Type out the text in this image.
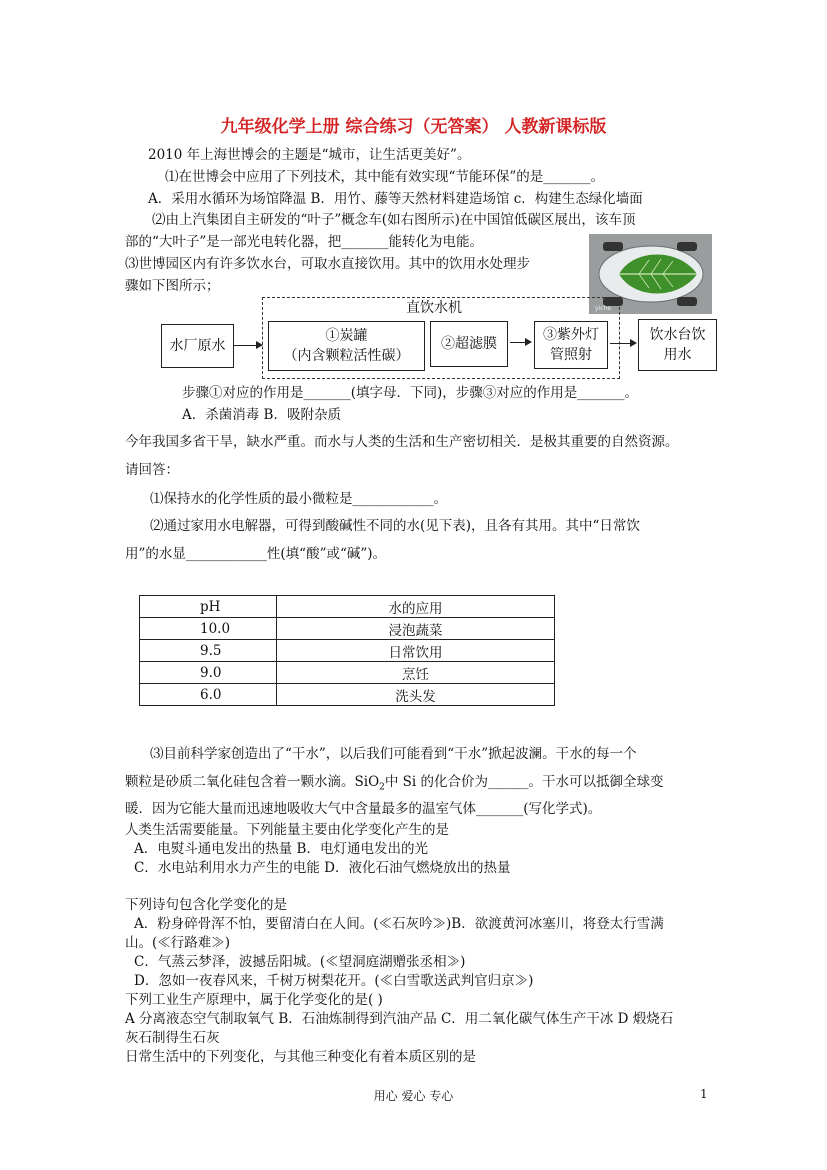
九年级化学上册 综合练习（无答案） 人教新课标版
2010 年上海世博会的主题是“城市，让生活更美好”。
⑴在世博会中应用了下列技术，其中能有效实现“节能环保”的是_______。
A．采用水循环为场馆降温 B．用竹、藤等天然材料建造场馆 c．构建生态绿化墙面
⑵由上汽集团自主研发的“叶子”概念车(如右图所示)在中国馆低碳区展出，该车顶
部的“大叶子”是一部光电转化器，把_______能转化为电能。
⑶世博园区内有许多饮水台，可取水直接饮用。其中的饮用水处理步
骤如下图所示；
yiche
直饮水机
水厂原水
①炭罐
（内含颗粒活性碳）
②超滤膜
③紫外灯
管照射
饮水台饮
用水
步骤①对应的作用是_______(填字母．下同)，步骤③对应的作用是_______。
A．杀菌消毒 B．吸附杂质
今年我国多省干旱，缺水严重。而水与人类的生活和生产密切相关．是极其重要的自然资源。
请回答：
⑴保持水的化学性质的最小微粒是____________。
⑵通过家用水电解器，可得到酸碱性不同的水(见下表)，且各有其用。其中“日常饮
用”的水显____________性(填“酸”或“碱”)。
pH	水的应用
10.0	浸泡蔬菜
9.5	日常饮用
9.0	烹饪
6.0	洗头发
⑶目前科学家创造出了“干水”，以后我们可能看到“干水”掀起波澜。干水的每一个
颗粒是砂质二氧化硅包含着一颗水滴。SiO$_2$中 Si 的化合价为______。干水可以抵御全球变
暖．因为它能大量而迅速地吸收大气中含量最多的温室气体_______(写化学式)。
人类生活需要能量。下列能量主要由化学变化产生的是
A．电熨斗通电发出的热量 B．电灯通电发出的光
C．水电站利用水力产生的电能 D．液化石油气燃烧放出的热量
下列诗句包含化学变化的是
A．粉身碎骨浑不怕，要留清白在人间。(≪石灰吟≫)B．欲渡黄河冰塞川，将登太行雪满
山。(≪行路难≫)
C．气蒸云梦泽，波撼岳阳城。(≪望洞庭湖赠张丞相≫)
D．忽如一夜春风来，千树万树梨花开。(≪白雪歌送武判官归京≫)
下列工业生产原理中，属于化学变化的是( )
A 分离液态空气制取氧气 B．石油炼制得到汽油产品 C．用二氧化碳气体生产干冰 D 煅烧石
灰石制得生石灰
日常生活中的下列变化，与其他三种变化有着本质区别的是
用心 爱心 专心	1
